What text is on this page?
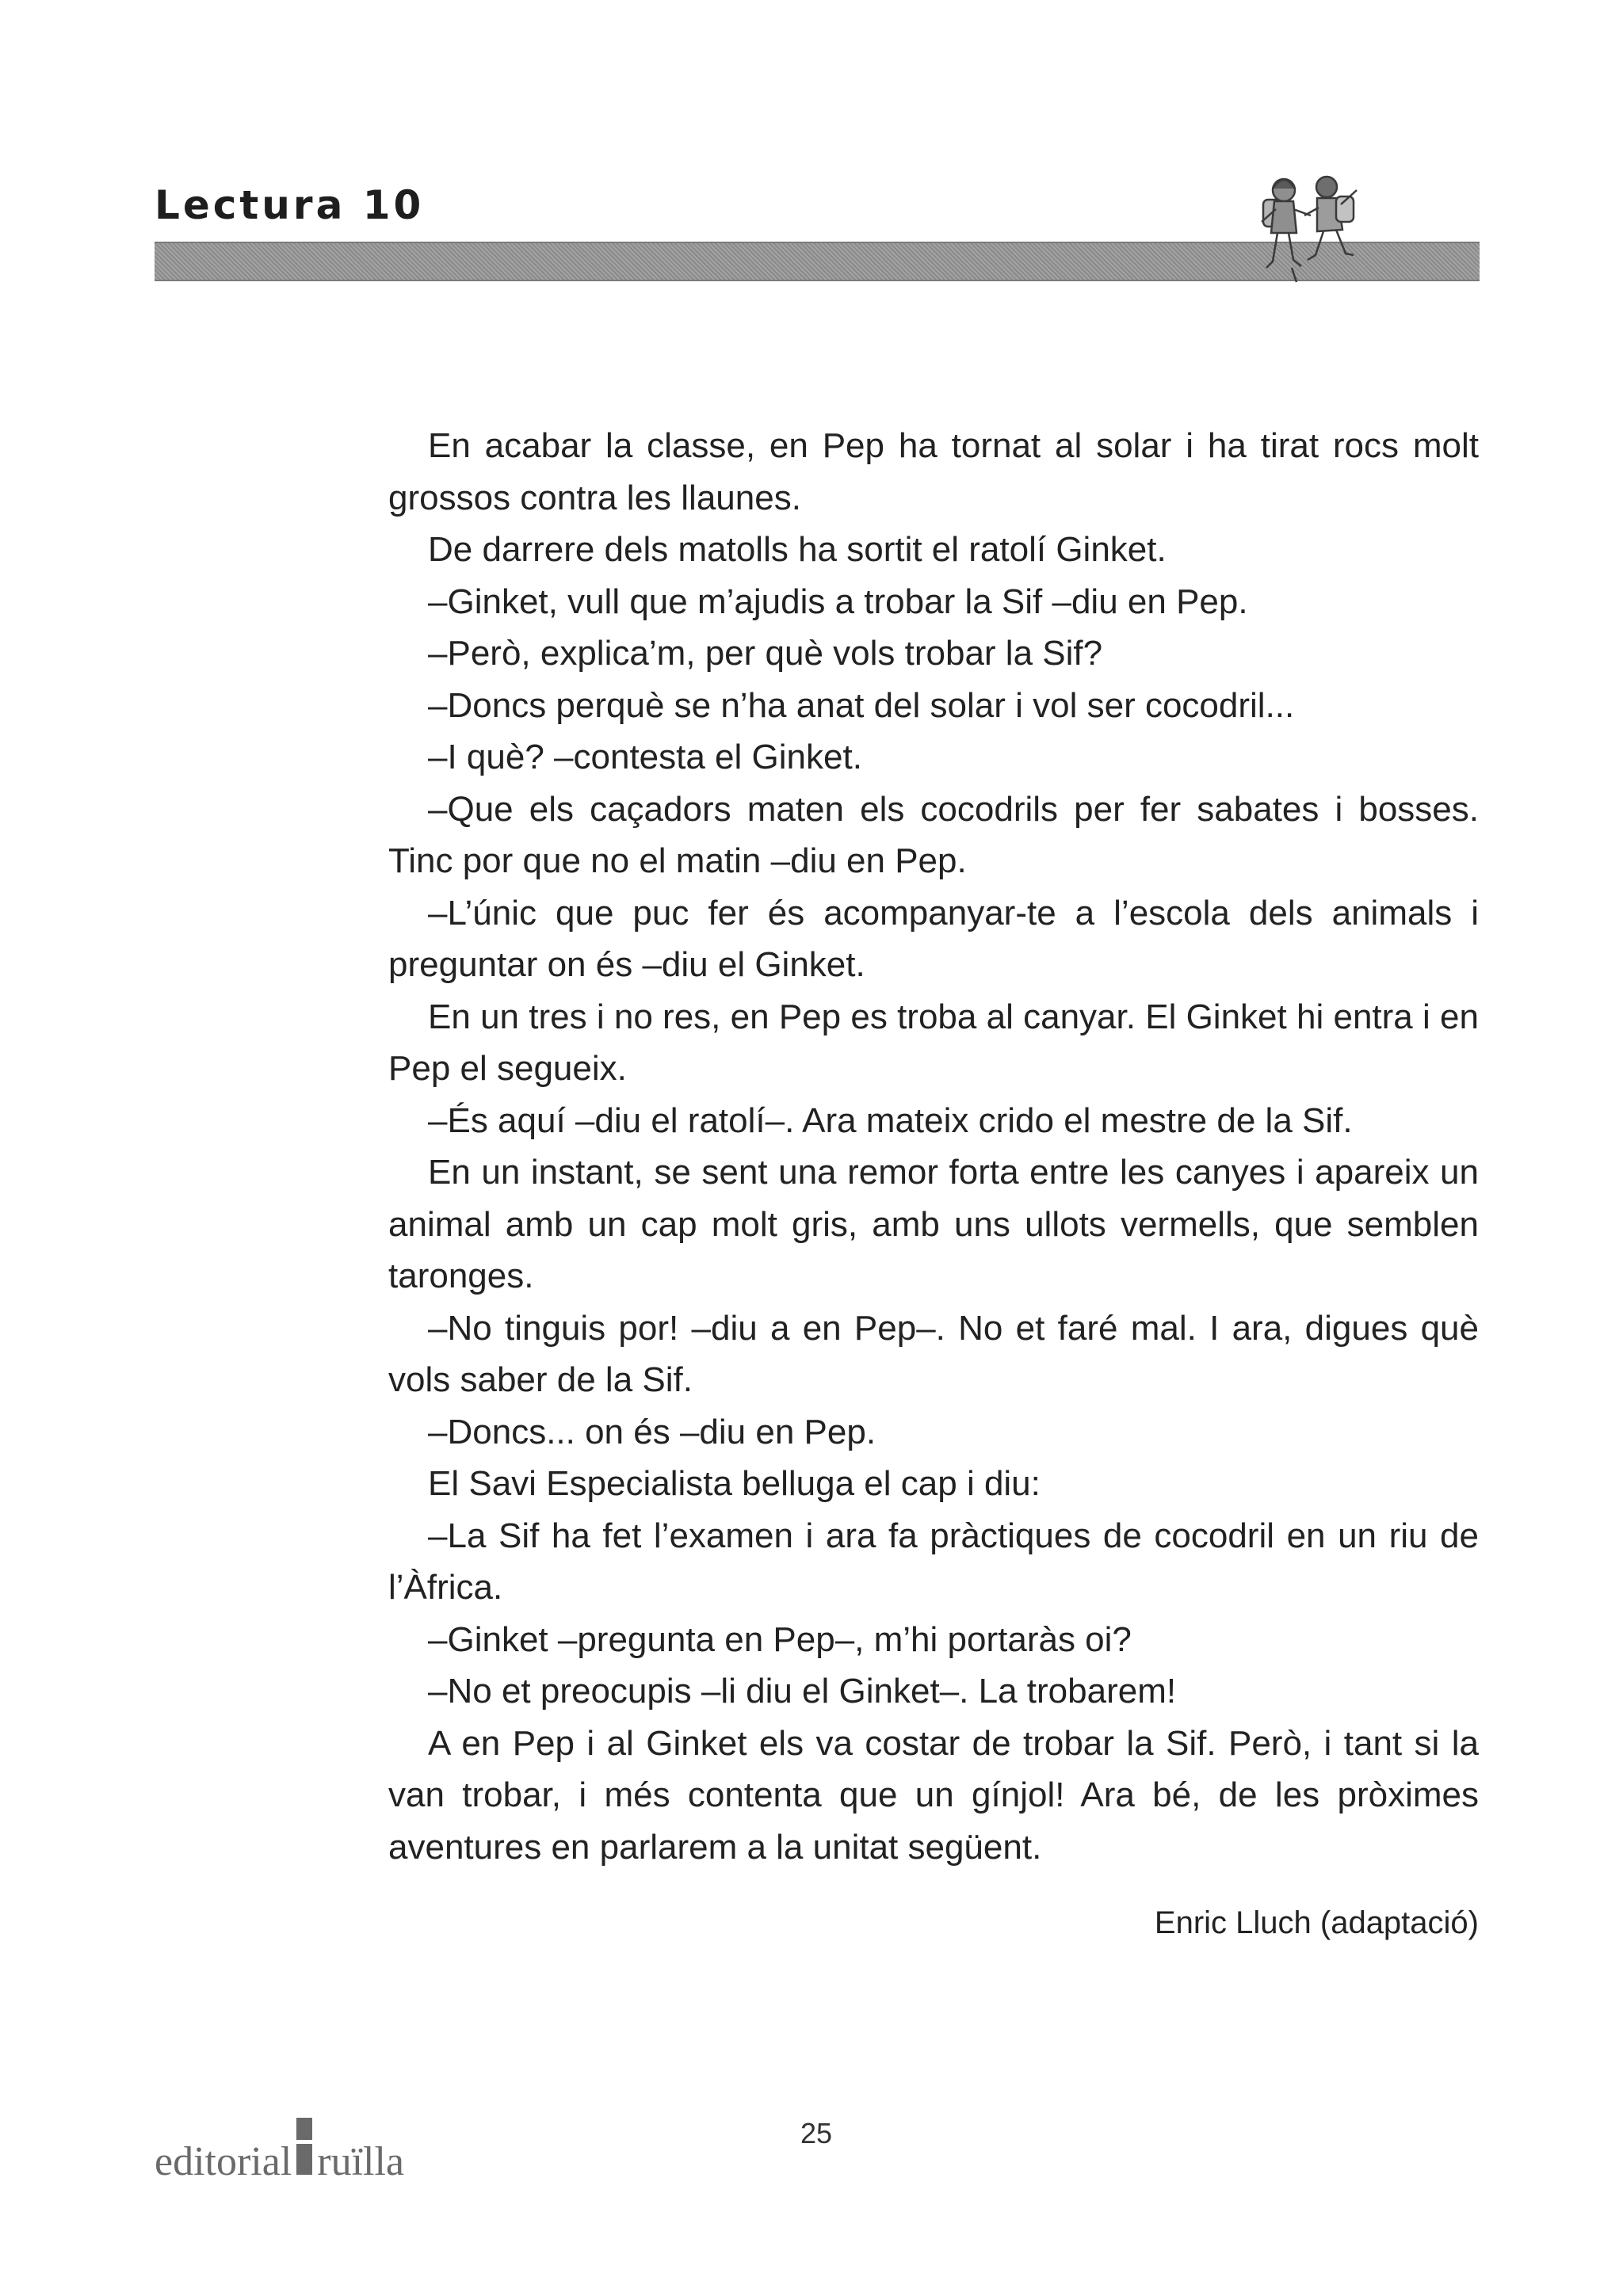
Lectura 10

En acabar la classe, en Pep ha tornat al solar i ha tirat rocs molt grossos contra les llaunes.

De darrere dels matolls ha sortit el ratolí Ginket.

–Ginket, vull que m’ajudis a trobar la Sif –diu en Pep.

–Però, explica’m, per què vols trobar la Sif?

–Doncs perquè se n’ha anat del solar i vol ser cocodril...

–I què? –contesta el Ginket.

–Que els caçadors maten els cocodrils per fer sabates i bosses. Tinc por que no el matin –diu en Pep.

–L’únic que puc fer és acompanyar-te a l’escola dels animals i preguntar on és –diu el Ginket.

En un tres i no res, en Pep es troba al canyar. El Ginket hi entra i en Pep el segueix.

–És aquí –diu el ratolí–. Ara mateix crido el mestre de la Sif.

En un instant, se sent una remor forta entre les canyes i apareix un animal amb un cap molt gris, amb uns ullots vermells, que semblen taronges.

–No tinguis por! –diu a en Pep–. No et faré mal. I ara, digues què vols saber de la Sif.

–Doncs... on és –diu en Pep.

El Savi Especialista belluga el cap i diu:

–La Sif ha fet l’examen i ara fa pràctiques de cocodril en un riu de l’Àfrica.

–Ginket –pregunta en Pep–, m’hi portaràs oi?

–No et preocupis –li diu el Ginket–. La trobarem!

A en Pep i al Ginket els va costar de trobar la Sif. Però, i tant si la van trobar, i més contenta que un gínjol! Ara bé, de les pròximes aventures en parlarem a la unitat següent.

Enric Lluch (adaptació)
editorial ruïlla
25
